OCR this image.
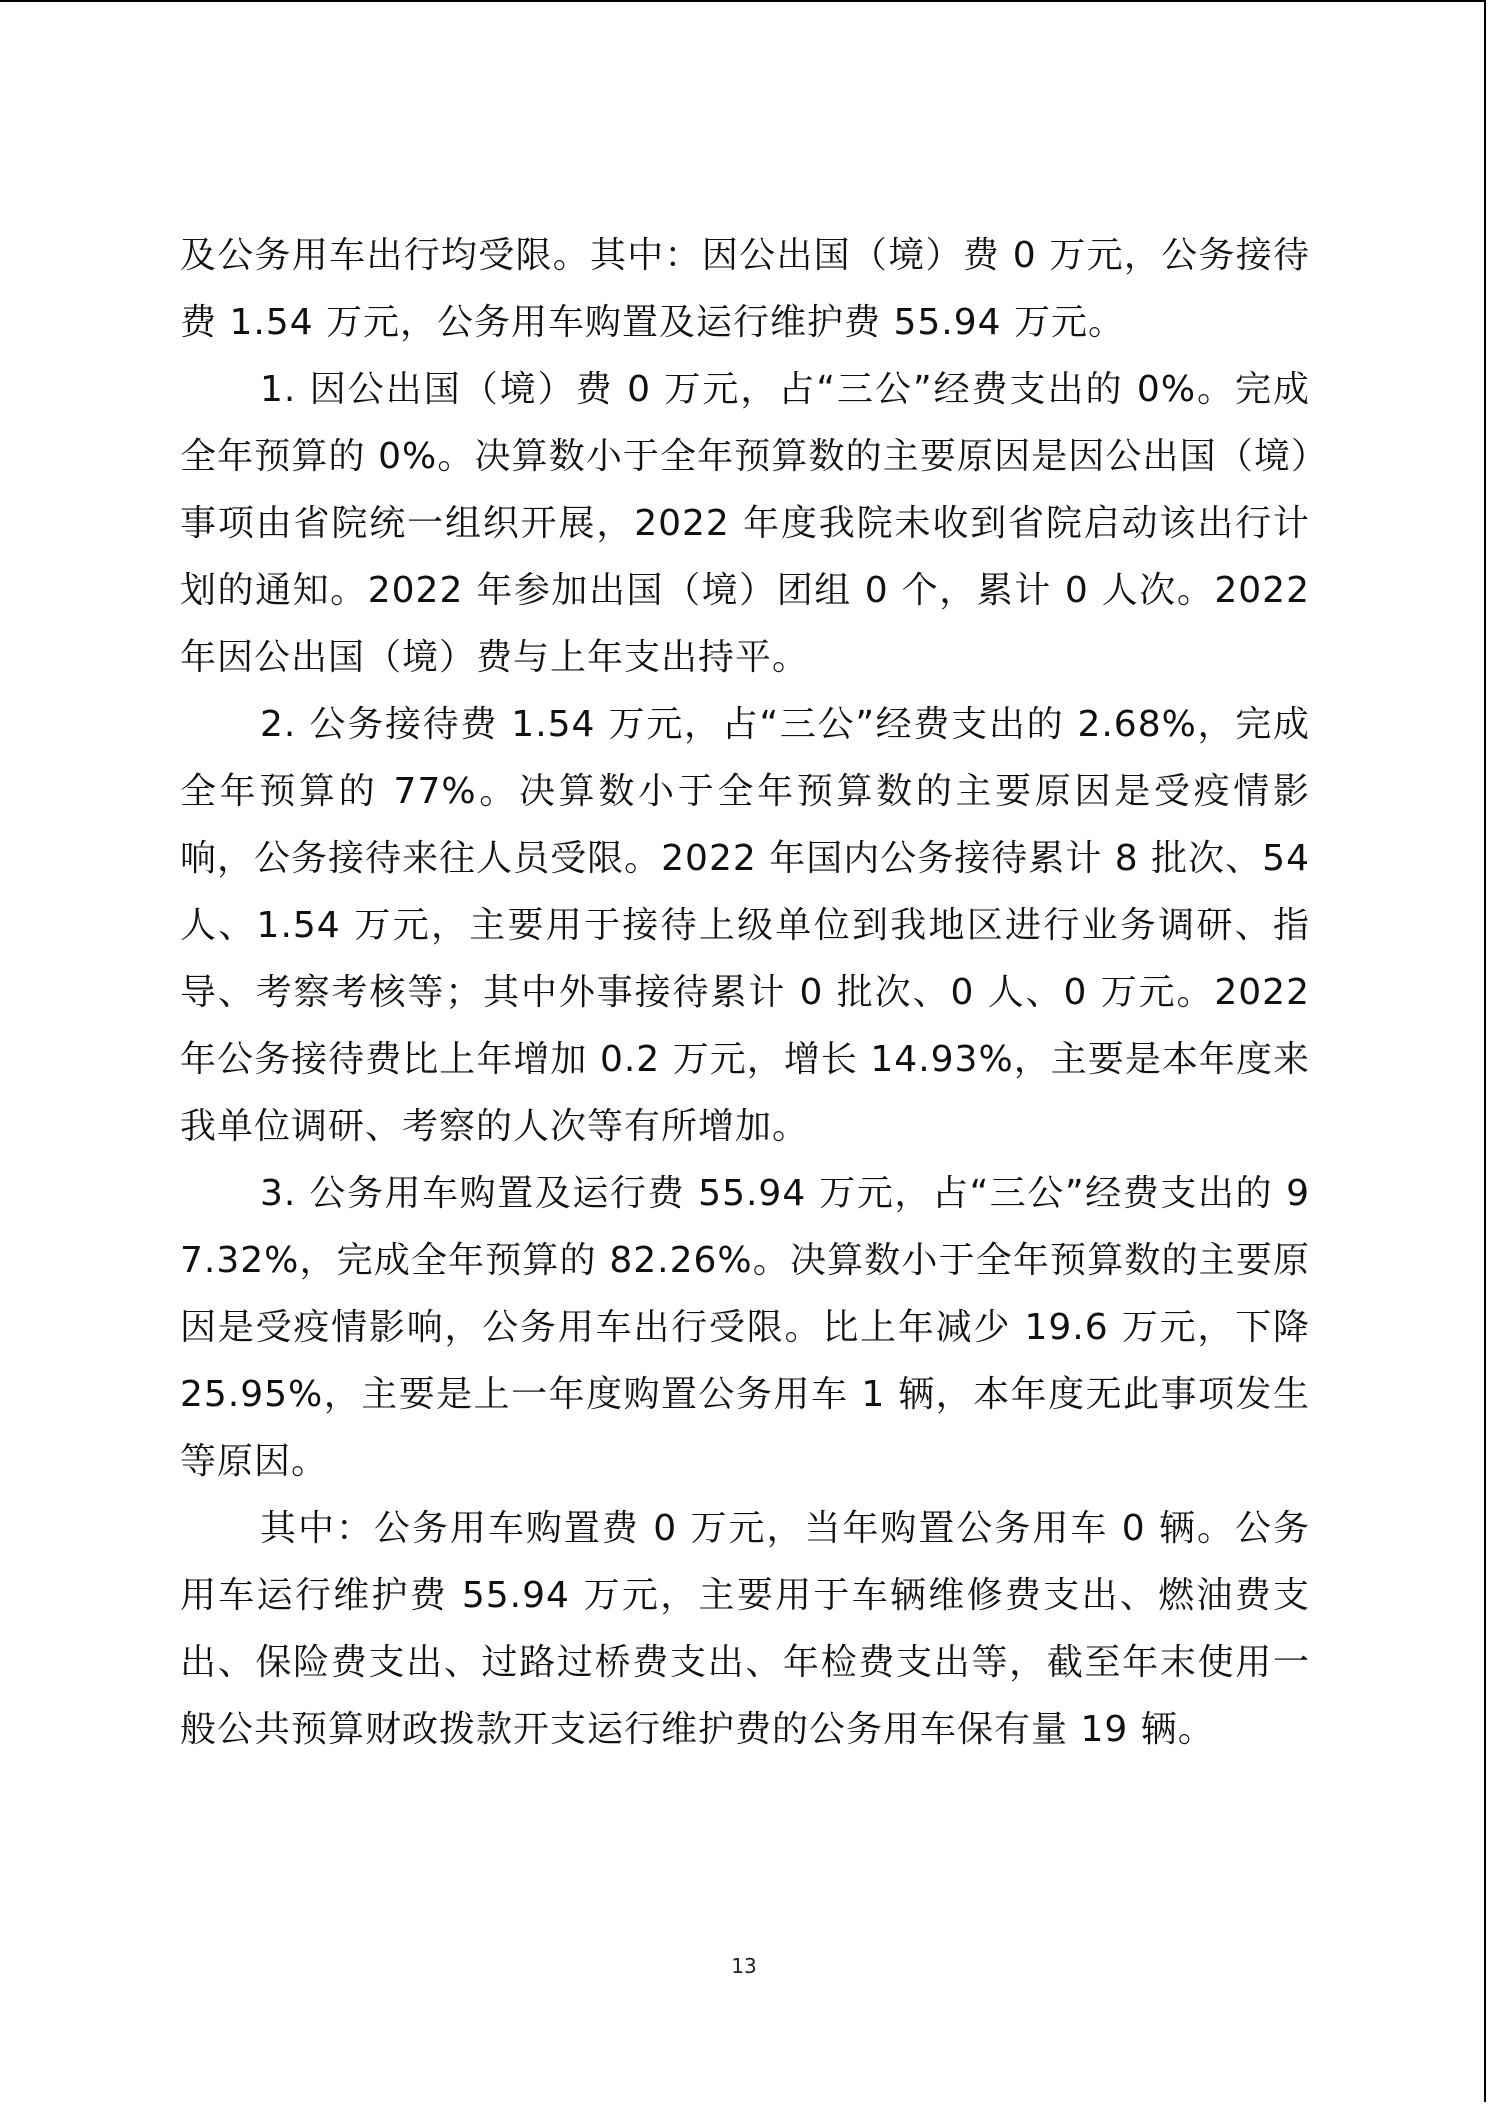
及公务用车出行均受限。其中：因公出国（境）费 0 万元，公务接待费 1.54 万元，公务用车购置及运行维护费 55.94 万元。

1. 因公出国（境）费 0 万元，占“三公”经费支出的 0%。完成全年预算的 0%。决算数小于全年预算数的主要原因是因公出国（境）事项由省院统一组织开展，2022 年度我院未收到省院启动该出行计划的通知。2022 年参加出国（境）团组 0 个，累计 0 人次。2022 年因公出国（境）费与上年支出持平。

2. 公务接待费 1.54 万元，占“三公”经费支出的 2.68%，完成全年预算的 77%。决算数小于全年预算数的主要原因是受疫情影响，公务接待来往人员受限。2022 年国内公务接待累计 8 批次、54 人、1.54 万元，主要用于接待上级单位到我地区进行业务调研、指导、考察考核等；其中外事接待累计 0 批次、0 人、0 万元。2022 年公务接待费比上年增加 0.2 万元，增长 14.93%，主要是本年度来我单位调研、考察的人次等有所增加。

3. 公务用车购置及运行费 55.94 万元，占“三公”经费支出的 97.32%，完成全年预算的 82.26%。决算数小于全年预算数的主要原因是受疫情影响，公务用车出行受限。比上年减少 19.6 万元，下降 25.95%，主要是上一年度购置公务用车 1 辆，本年度无此事项发生等原因。

其中：公务用车购置费 0 万元，当年购置公务用车 0 辆。公务用车运行维护费 55.94 万元，主要用于车辆维修费支出、燃油费支出、保险费支出、过路过桥费支出、年检费支出等，截至年末使用一般公共预算财政拨款开支运行维护费的公务用车保有量 19 辆。

13
